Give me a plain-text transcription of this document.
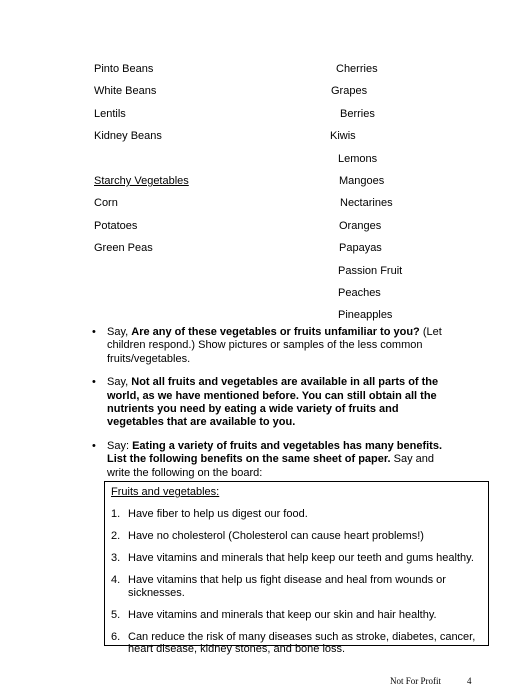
Pinto Beans
White Beans
Lentils
Kidney Beans
Starchy Vegetables
Corn
Potatoes
Green Peas
Cherries
Grapes
Berries
Kiwis
Lemons
Mangoes
Nectarines
Oranges
Papayas
Passion Fruit
Peaches
Pineapples
• Say, Are any of these vegetables or fruits unfamiliar to you? (Let children respond.) Show pictures or samples of the less common fruits/vegetables.
• Say, Not all fruits and vegetables are available in all parts of the world, as we have mentioned before. You can still obtain all the nutrients you need by eating a wide variety of fruits and vegetables that are available to you.
• Say: Eating a variety of fruits and vegetables has many benefits. List the following benefits on the same sheet of paper. Say and write the following on the board:
Fruits and vegetables:
1. Have fiber to help us digest our food.
2. Have no cholesterol (Cholesterol can cause heart problems!)
3. Have vitamins and minerals that help keep our teeth and gums healthy.
4. Have vitamins that help us fight disease and heal from wounds or sicknesses.
5. Have vitamins and minerals that keep our skin and hair healthy.
6. Can reduce the risk of many diseases such as stroke, diabetes, cancer, heart disease, kidney stones, and bone loss.
Not For Profit	4
